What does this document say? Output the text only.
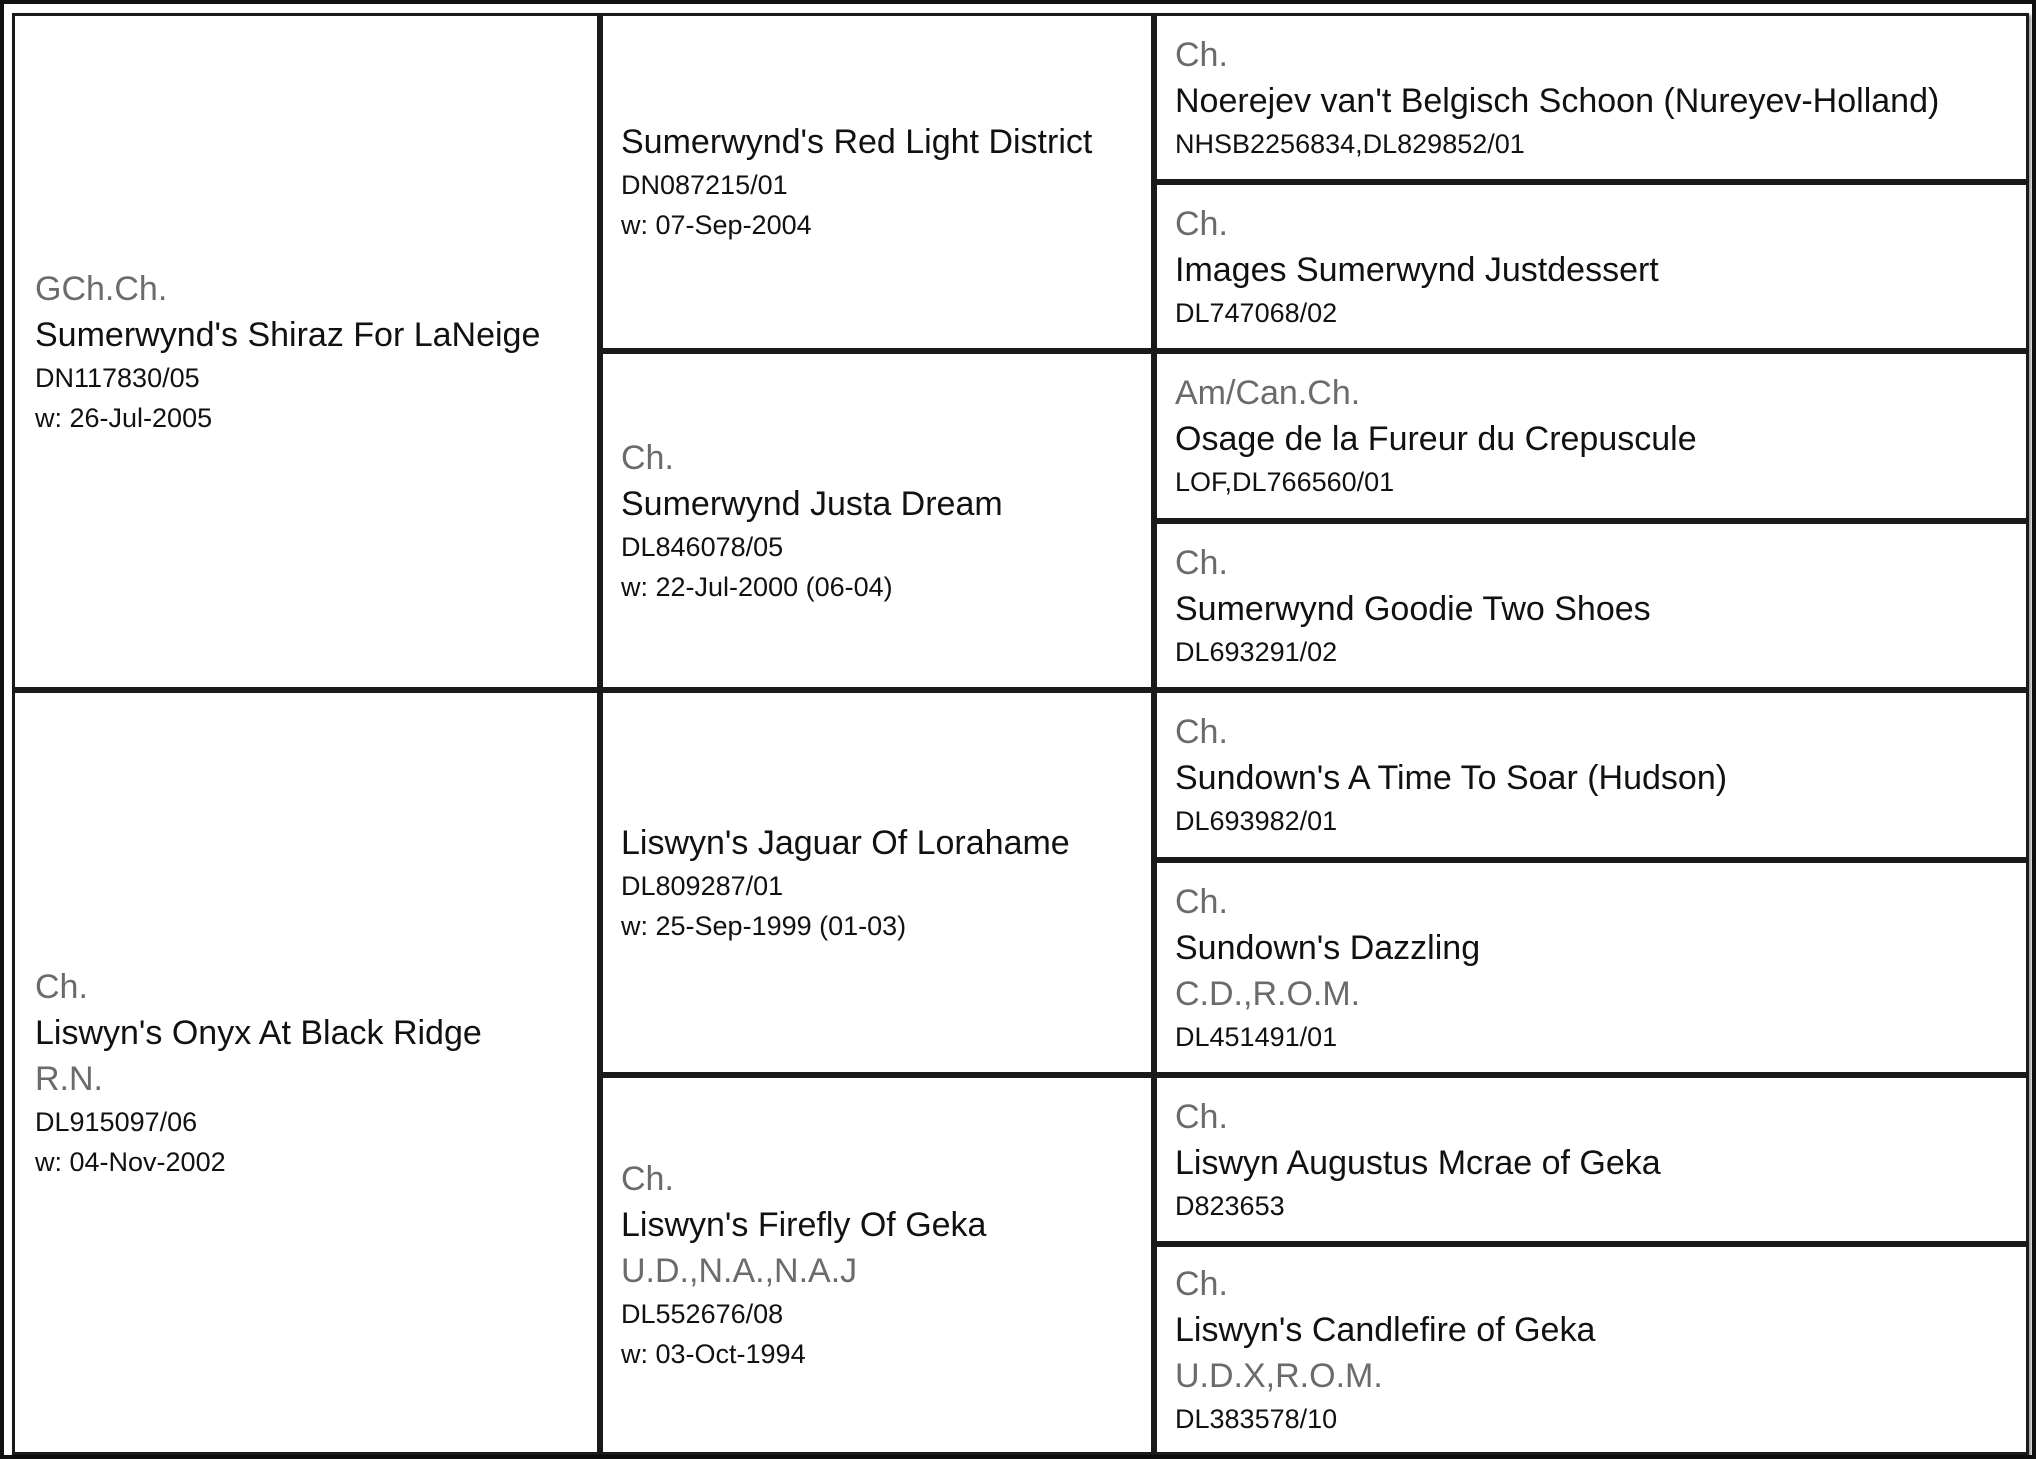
GCh.Ch.
Sumerwynd's Shiraz For LaNeige
DN117830/05
w: 26-Jul-2005
Ch.
Liswyn's Onyx At Black Ridge
R.N.
DL915097/06
w: 04-Nov-2002
Sumerwynd's Red Light District
DN087215/01
w: 07-Sep-2004
Ch.
Sumerwynd Justa Dream
DL846078/05
w: 22-Jul-2000 (06-04)
Liswyn's Jaguar Of Lorahame
DL809287/01
w: 25-Sep-1999 (01-03)
Ch.
Liswyn's Firefly Of Geka
U.D.,N.A.,N.A.J
DL552676/08
w: 03-Oct-1994
Ch.
Noerejev van't Belgisch Schoon (Nureyev-Holland)
NHSB2256834,DL829852/01
Ch.
Images Sumerwynd Justdessert
DL747068/02
Am/Can.Ch.
Osage de la Fureur du Crepuscule
LOF,DL766560/01
Ch.
Sumerwynd Goodie Two Shoes
DL693291/02
Ch.
Sundown's A Time To Soar (Hudson)
DL693982/01
Ch.
Sundown's Dazzling
C.D.,R.O.M.
DL451491/01
Ch.
Liswyn Augustus Mcrae of Geka
D823653
Ch.
Liswyn's Candlefire of Geka
U.D.X,R.O.M.
DL383578/10
